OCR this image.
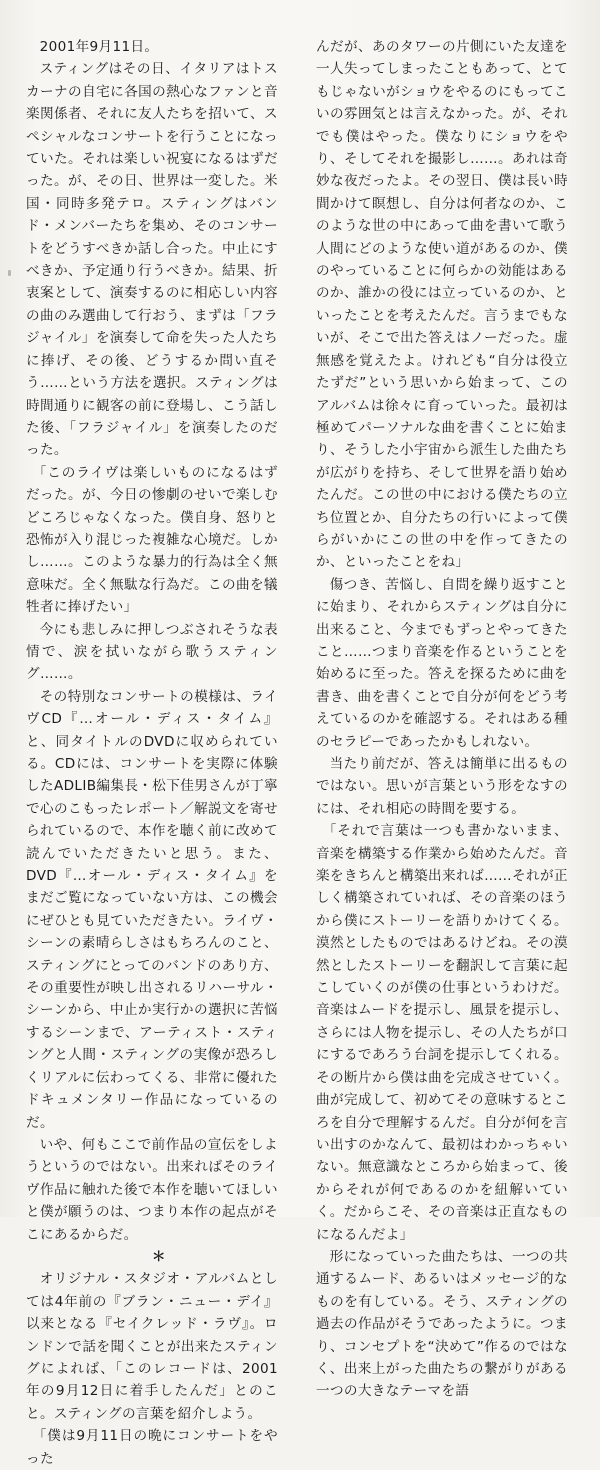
2001年9月11日。

スティングはその日、イタリアはトスカーナの自宅に各国の熱心なファンと音楽関係者、それに友人たちを招いて、スペシャルなコンサートを行うことになっていた。それは楽しい祝宴になるはずだった。が、その日、世界は一変した。米国・同時多発テロ。スティングはバンド・メンバーたちを集め、そのコンサートをどうすべきか話し合った。中止にすべきか、予定通り行うべきか。結果、折衷案として、演奏するのに相応しい内容の曲のみ選曲して行おう、まずは「フラジャイル」を演奏して命を失った人たちに捧げ、その後、どうするか問い直そう……という方法を選択。スティングは時間通りに観客の前に登場し、こう話した後、「フラジャイル」を演奏したのだった。

「このライヴは楽しいものになるはずだった。が、今日の惨劇のせいで楽しむどころじゃなくなった。僕自身、怒りと恐怖が入り混じった複雑な心境だ。しかし……。このような暴力的行為は全く無意味だ。全く無駄な行為だ。この曲を犠牲者に捧げたい」

今にも悲しみに押しつぶされそうな表情で、涙を拭いながら歌うスティング……。

その特別なコンサートの模様は、ライヴCD『…オール・ディス・タイム』と、同タイトルのDVDに収められている。CDには、コンサートを実際に体験したADLIB編集長・松下佳男さんが丁寧で心のこもったレポート／解説文を寄せられているので、本作を聴く前に改めて読んでいただきたいと思う。また、DVD『…オール・ディス・タイム』をまだご覧になっていない方は、この機会にぜひとも見ていただきたい。ライヴ・シーンの素晴らしさはもちろんのこと、スティングにとってのバンドのあり方、その重要性が映し出されるリハーサル・シーンから、中止か実行かの選択に苦悩するシーンまで、アーティスト・スティングと人間・スティングの実像が恐ろしくリアルに伝わってくる、非常に優れたドキュメンタリー作品になっているのだ。

いや、何もここで前作品の宣伝をしようというのではない。出来ればそのライヴ作品に触れた後で本作を聴いてほしいと僕が願うのは、つまり本作の起点がそこにあるからだ。

＊

オリジナル・スタジオ・アルバムとしては4年前の『ブラン・ニュー・デイ』以来となる『セイクレッド・ラヴ』。ロンドンで話を聞くことが出来たスティングによれば、「このレコードは、2001年の9月12日に着手したんだ」とのこと。スティングの言葉を紹介しよう。

「僕は9月11日の晩にコンサートをやった

んだが、あのタワーの片側にいた友達を一人失ってしまったこともあって、とてもじゃないがショウをやるのにもってこいの雰囲気とは言えなかった。が、それでも僕はやった。僕なりにショウをやり、そしてそれを撮影し……。あれは奇妙な夜だったよ。その翌日、僕は長い時間かけて瞑想し、自分は何者なのか、このような世の中にあって曲を書いて歌う人間にどのような使い道があるのか、僕のやっていることに何らかの効能はあるのか、誰かの役には立っているのか、といったことを考えたんだ。言うまでもないが、そこで出た答えはノーだった。虚無感を覚えたよ。けれども“自分は役立たずだ”という思いから始まって、このアルバムは徐々に育っていった。最初は極めてパーソナルな曲を書くことに始まり、そうした小宇宙から派生した曲たちが広がりを持ち、そして世界を語り始めたんだ。この世の中における僕たちの立ち位置とか、自分たちの行いによって僕らがいかにこの世の中を作ってきたのか、といったことをね」

傷つき、苦悩し、自問を繰り返すことに始まり、それからスティングは自分に出来ること、今までもずっとやってきたこと……つまり音楽を作るということを始めるに至った。答えを探るために曲を書き、曲を書くことで自分が何をどう考えているのかを確認する。それはある種のセラピーであったかもしれない。

当たり前だが、答えは簡単に出るものではない。思いが言葉という形をなすのには、それ相応の時間を要する。

「それで言葉は一つも書かないまま、音楽を構築する作業から始めたんだ。音楽をきちんと構築出来れば……それが正しく構築されていれば、その音楽のほうから僕にストーリーを語りかけてくる。漠然としたものではあるけどね。その漠然としたストーリーを翻訳して言葉に起こしていくのが僕の仕事というわけだ。音楽はムードを提示し、風景を提示し、さらには人物を提示し、その人たちが口にするであろう台詞を提示してくれる。その断片から僕は曲を完成させていく。曲が完成して、初めてその意味するところを自分で理解するんだ。自分が何を言い出すのかなんて、最初はわかっちゃいない。無意識なところから始まって、後からそれが何であるのかを紐解いていく。だからこそ、その音楽は正直なものになるんだよ」

形になっていった曲たちは、一つの共通するムード、あるいはメッセージ的なものを有している。そう、スティングの過去の作品がそうであったように。つまり、コンセプトを“決めて”作るのではなく、出来上がった曲たちの繋がりがある一つの大きなテーマを語
